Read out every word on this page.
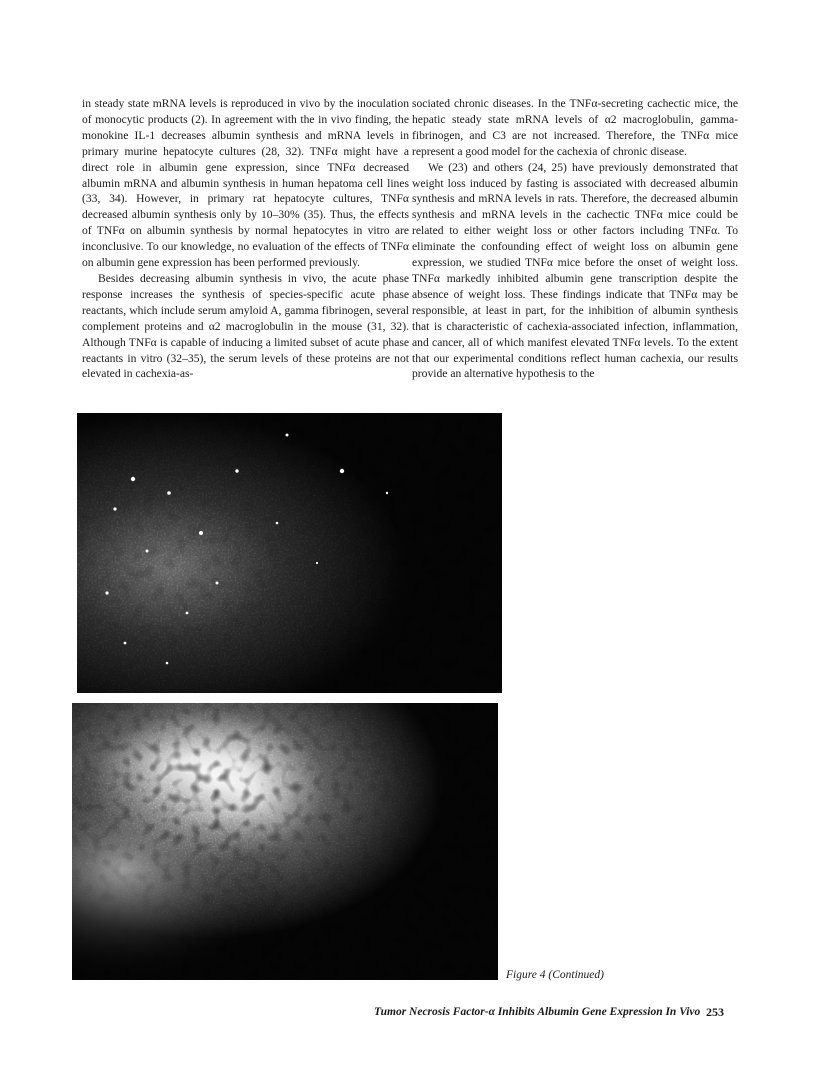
in steady state mRNA levels is reproduced in vivo by the inoculation of monocytic products (2). In agreement with the in vivo finding, the monokine IL-1 decreases albumin synthesis and mRNA levels in primary murine hepatocyte cultures (28, 32). TNFα might have a direct role in albumin gene expression, since TNFα decreased albumin mRNA and albumin synthesis in human hepatoma cell lines (33, 34). However, in primary rat hepatocyte cultures, TNFα decreased albumin synthesis only by 10–30% (35). Thus, the effects of TNFα on albumin synthesis by normal hepatocytes in vitro are inconclusive. To our knowledge, no evaluation of the effects of TNFα on albumin gene expression has been performed previously.

Besides decreasing albumin synthesis in vivo, the acute phase response increases the synthesis of species-specific acute phase reactants, which include serum amyloid A, gamma fibrinogen, several complement proteins and α2 macroglobulin in the mouse (31, 32). Although TNFα is capable of inducing a limited subset of acute phase reactants in vitro (32–35), the serum levels of these proteins are not elevated in cachexia-as-

sociated chronic diseases. In the TNFα-secreting cachectic mice, the hepatic steady state mRNA levels of α2 macroglobulin, gamma-fibrinogen, and C3 are not increased. Therefore, the TNFα mice represent a good model for the cachexia of chronic disease.

We (23) and others (24, 25) have previously demonstrated that weight loss induced by fasting is associated with decreased albumin synthesis and mRNA levels in rats. Therefore, the decreased albumin synthesis and mRNA levels in the cachectic TNFα mice could be related to either weight loss or other factors including TNFα. To eliminate the confounding effect of weight loss on albumin gene expression, we studied TNFα mice before the onset of weight loss. TNFα markedly inhibited albumin gene transcription despite the absence of weight loss. These findings indicate that TNFα may be responsible, at least in part, for the inhibition of albumin synthesis that is characteristic of cachexia-associated infection, inflammation, and cancer, all of which manifest elevated TNFα levels. To the extent that our experimental conditions reflect human cachexia, our results provide an alternative hypothesis to the

Figure 4 (Continued)
Tumor Necrosis Factor-α Inhibits Albumin Gene Expression In Vivo 253
